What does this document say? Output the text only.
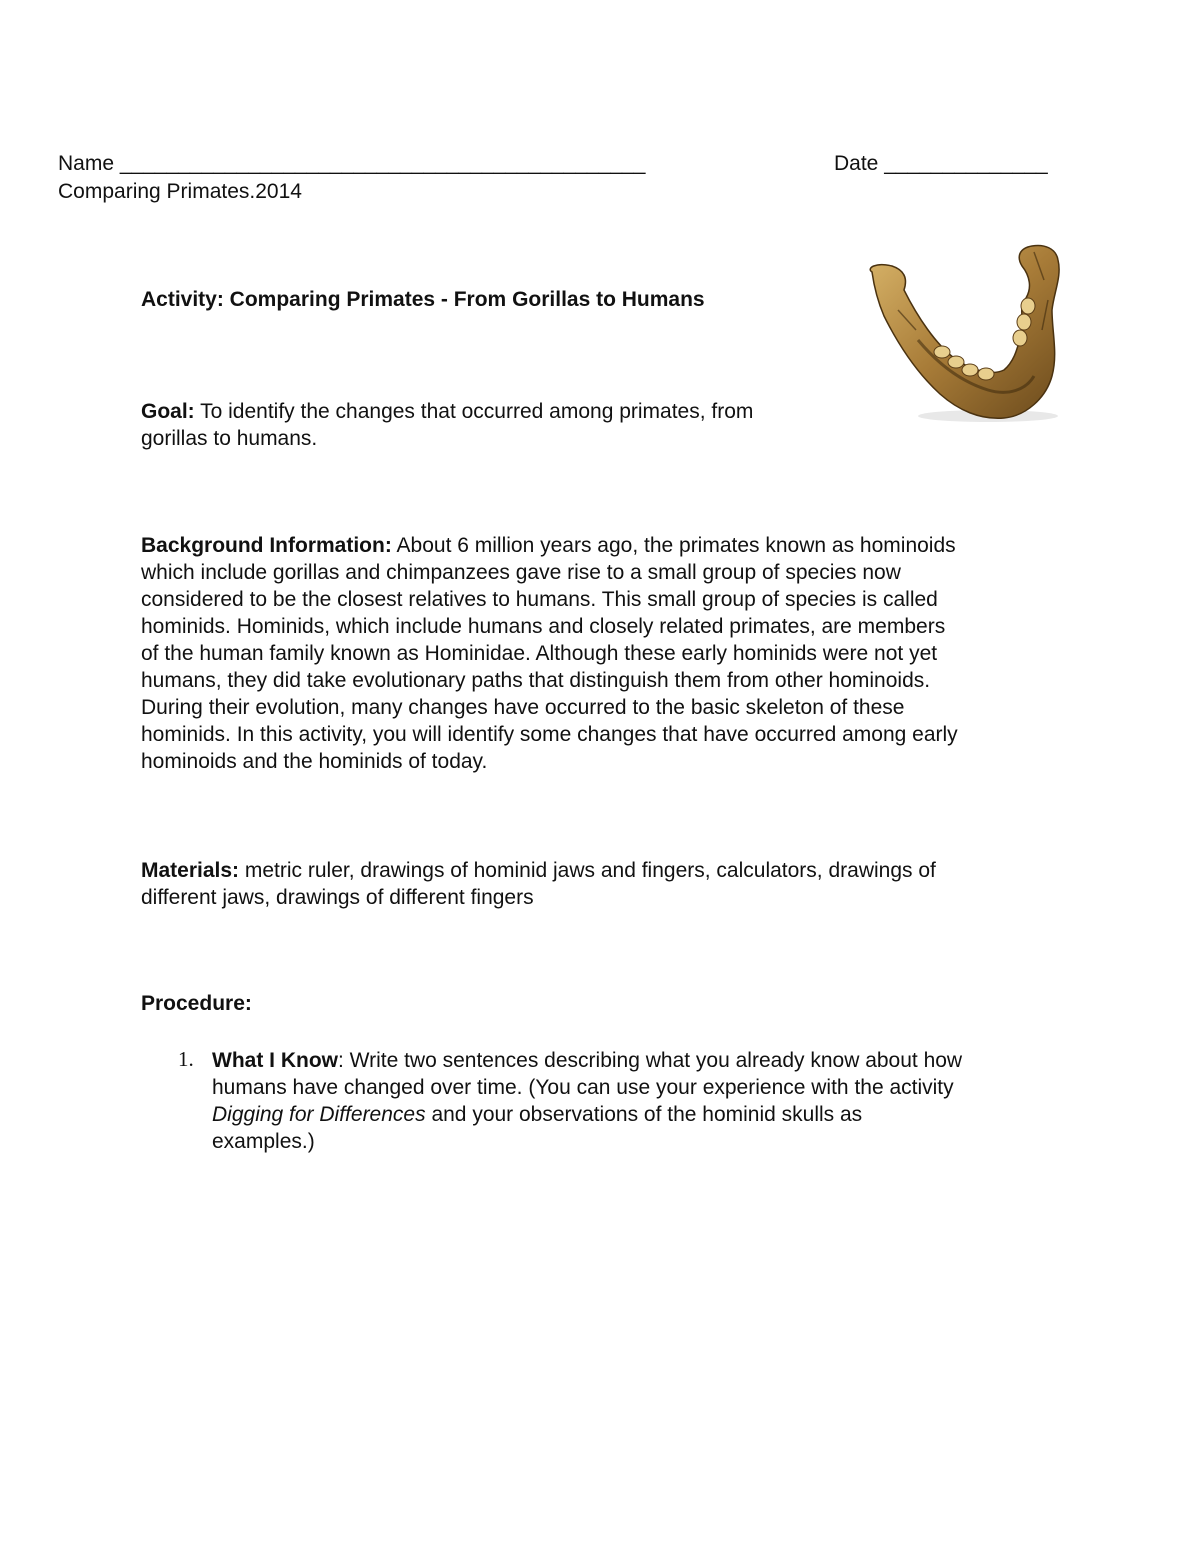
Name _____________________________________________	Date ______________
Comparing Primates.2014
Activity: Comparing Primates - From Gorillas to Humans
Goal: To identify the changes that occurred among primates, from
gorillas to humans.
Background Information: About 6 million years ago, the primates known as hominoids
which include gorillas and chimpanzees gave rise to a small group of species now
considered to be the closest relatives to humans. This small group of species is called
hominids. Hominids, which include humans and closely related primates, are members
of the human family known as Hominidae. Although these early hominids were not yet
humans, they did take evolutionary paths that distinguish them from other hominoids.
During their evolution, many changes have occurred to the basic skeleton of these
hominids. In this activity, you will identify some changes that have occurred among early
hominoids and the hominids of today.
Materials: metric ruler, drawings of hominid jaws and fingers, calculators, drawings of
different jaws, drawings of different fingers
Procedure:
1. What I Know: Write two sentences describing what you already know about how
humans have changed over time. (You can use your experience with the activity
Digging for Differences and your observations of the hominid skulls as
examples.)
